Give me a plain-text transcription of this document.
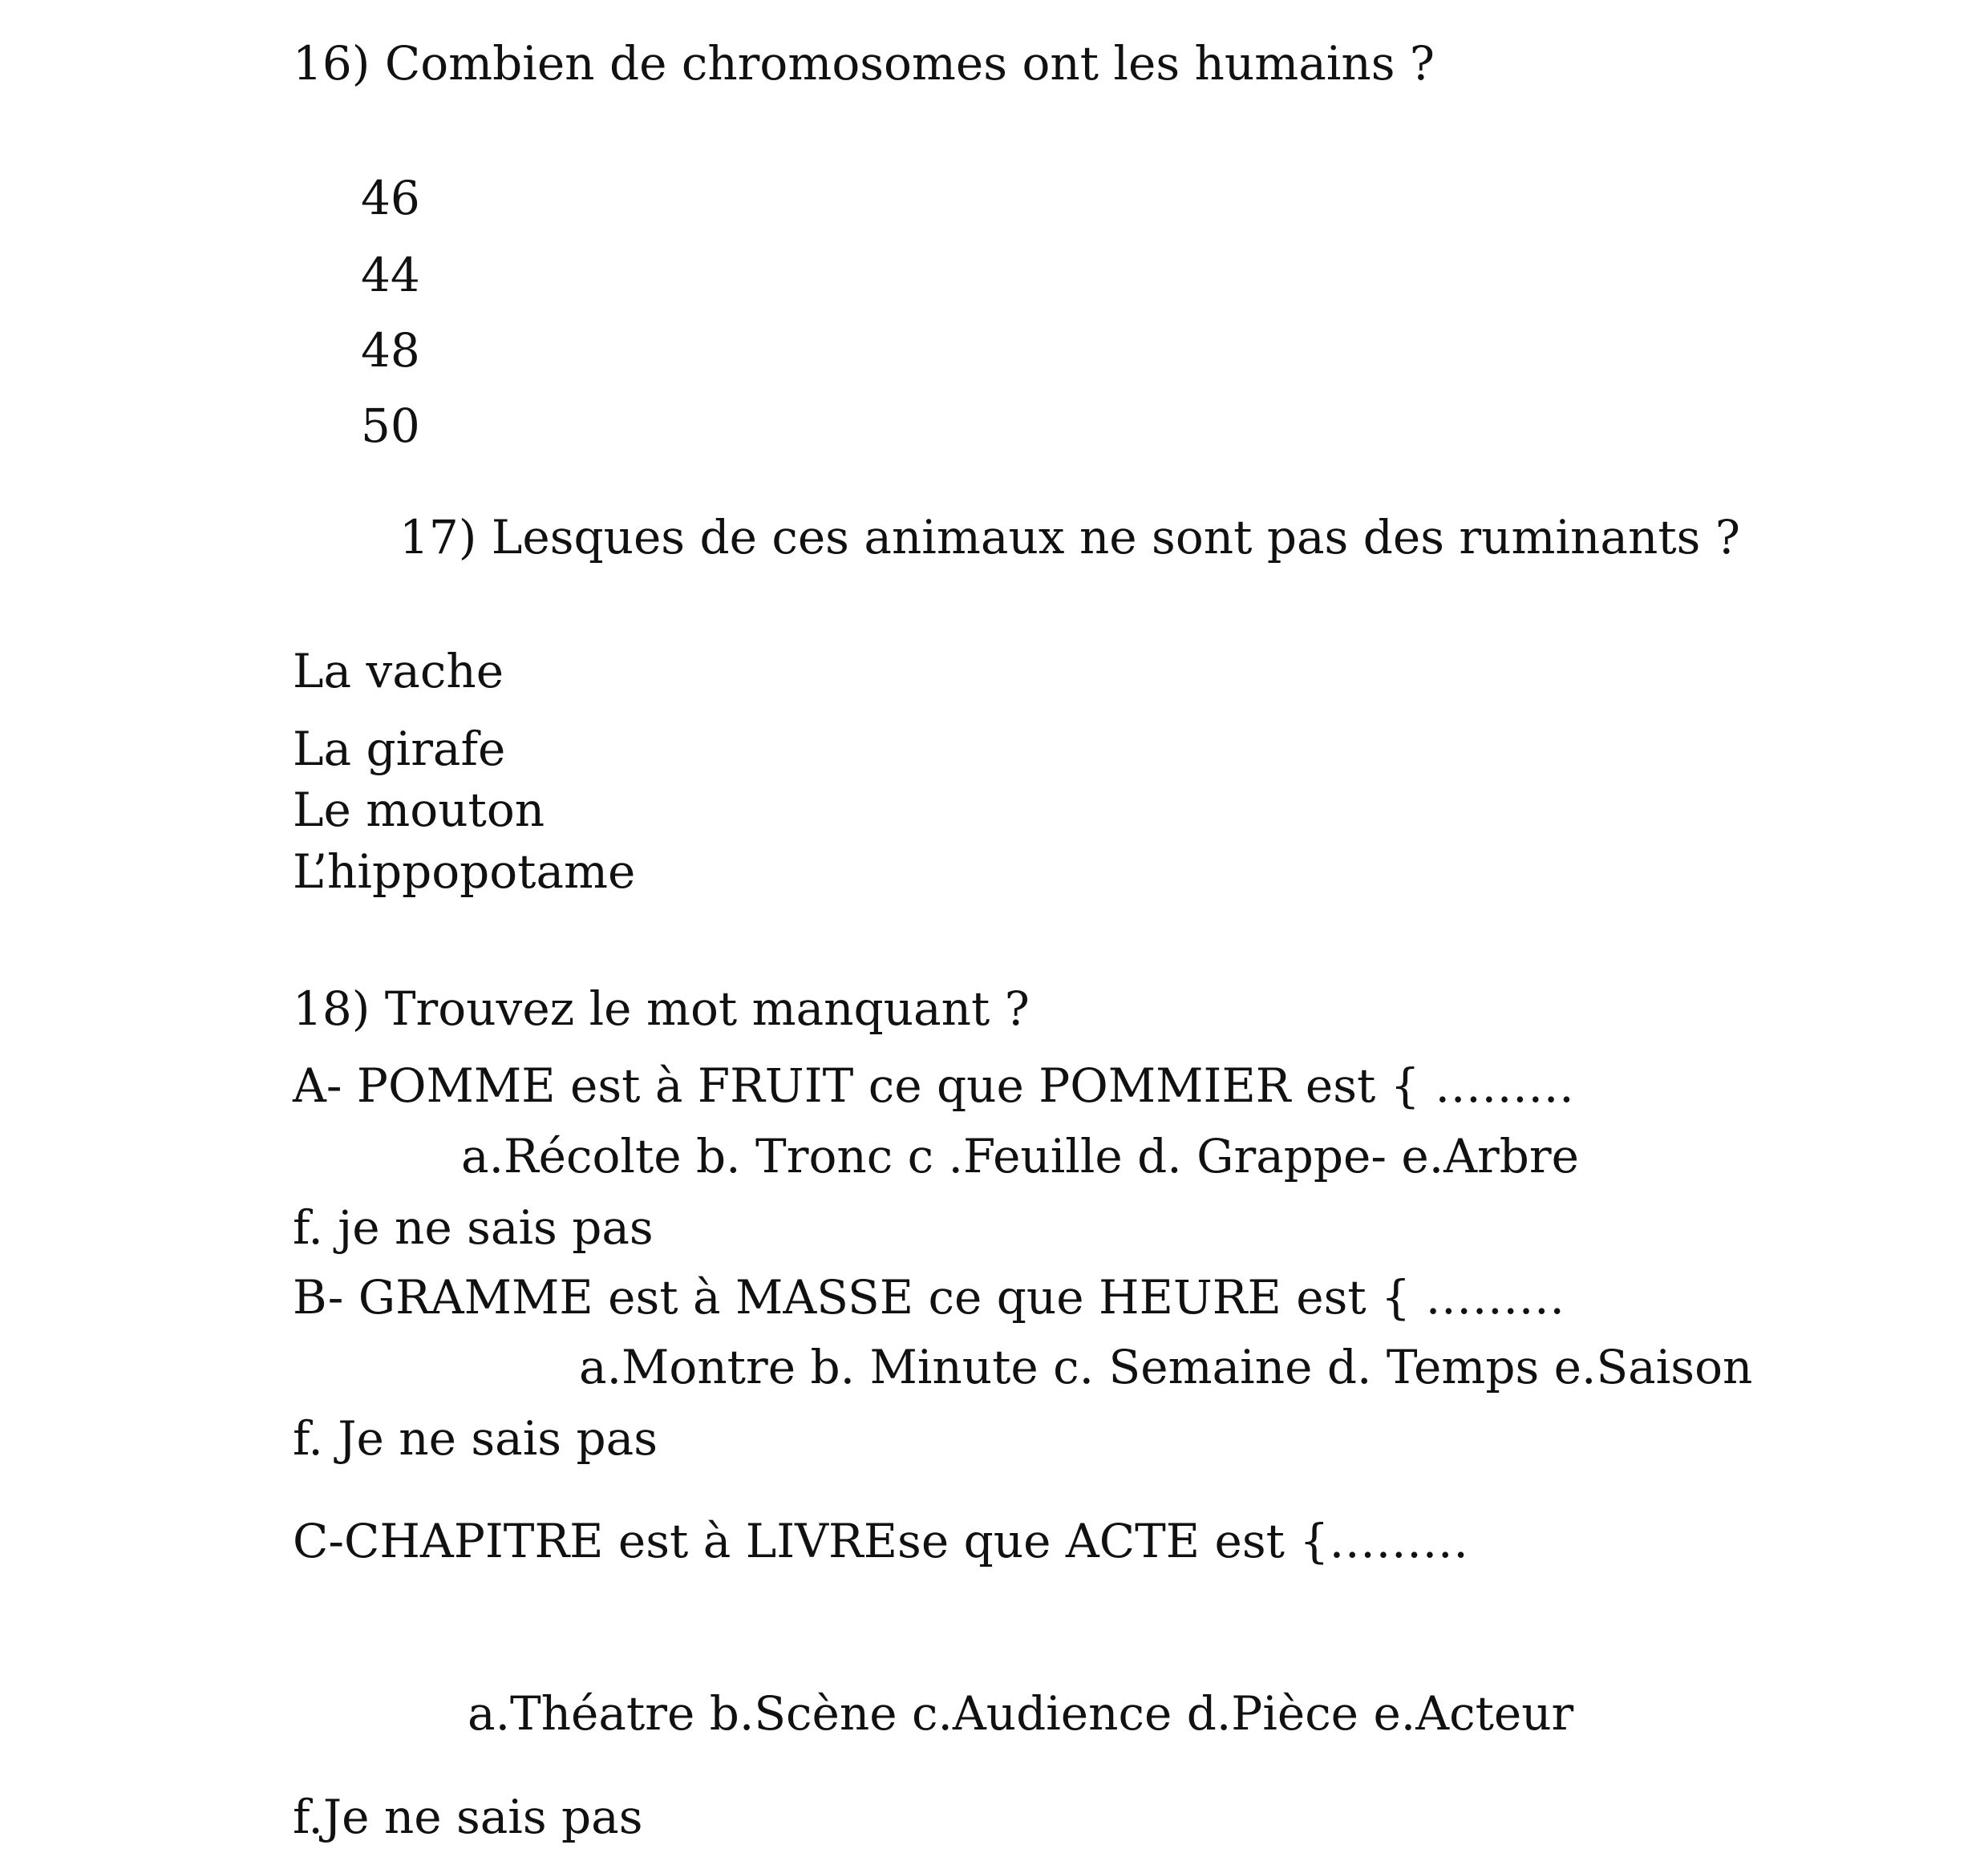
16) Combien de chromosomes ont les humains ?
46
44
48
50
17) Lesques de ces animaux ne sont pas des ruminants ?
La vache
La girafe
Le mouton
L’hippopotame
18) Trouvez le mot manquant ?
A- POMME est à FRUIT ce que POMMIER est { ………
a.Récolte b. Tronc c .Feuille d. Grappe- e.Arbre
f. je ne sais pas
B- GRAMME est à MASSE ce que HEURE est { ………
a.Montre b. Minute c. Semaine d. Temps e.Saison
f. Je ne sais pas
C-CHAPITRE est à LIVREse que ACTE est {………
a.Théatre b.Scène c.Audience d.Pièce e.Acteur
f.Je ne sais pas
